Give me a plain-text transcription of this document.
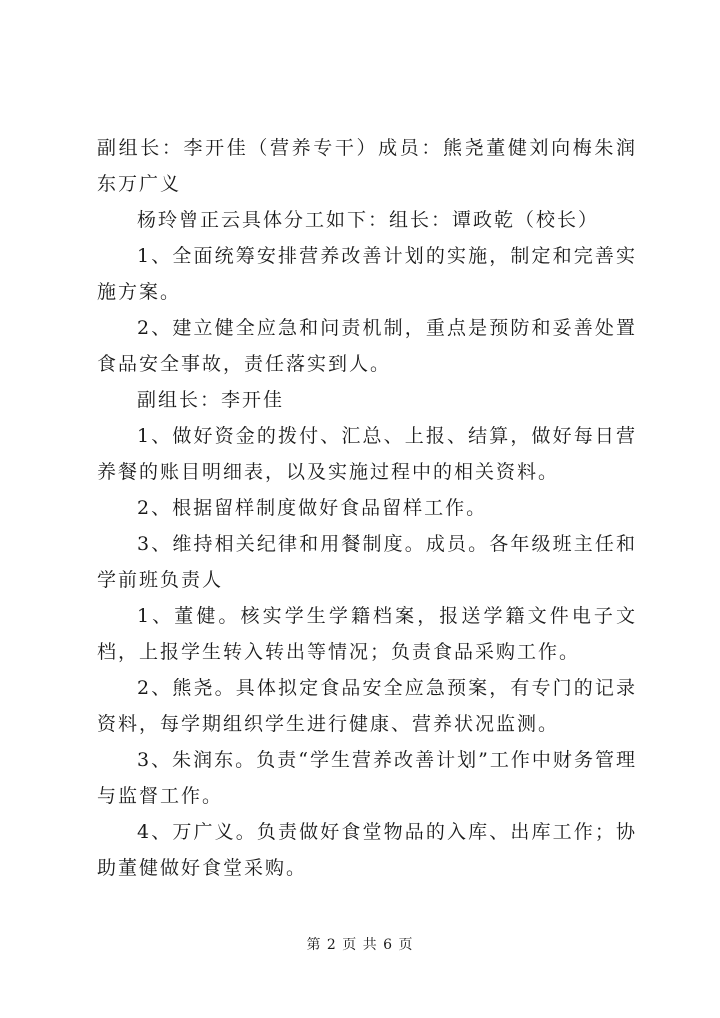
副组长：李开佳（营养专干）成员：熊尧董健刘向梅朱润东万广义

杨玲曾正云具体分工如下：组长：谭政乾（校长）

1、全面统筹安排营养改善计划的实施，制定和完善实施方案。

2、建立健全应急和问责机制，重点是预防和妥善处置食品安全事故，责任落实到人。

副组长：李开佳

1、做好资金的拨付、汇总、上报、结算，做好每日营养餐的账目明细表，以及实施过程中的相关资料。

2、根据留样制度做好食品留样工作。

3、维持相关纪律和用餐制度。成员。各年级班主任和学前班负责人

1、董健。核实学生学籍档案，报送学籍文件电子文档，上报学生转入转出等情况；负责食品采购工作。

2、熊尧。具体拟定食品安全应急预案，有专门的记录资料，每学期组织学生进行健康、营养状况监测。

3、朱润东。负责“学生营养改善计划”工作中财务管理与监督工作。

4、万广义。负责做好食堂物品的入库、出库工作；协助董健做好食堂采购。

第 2 页 共 6 页
